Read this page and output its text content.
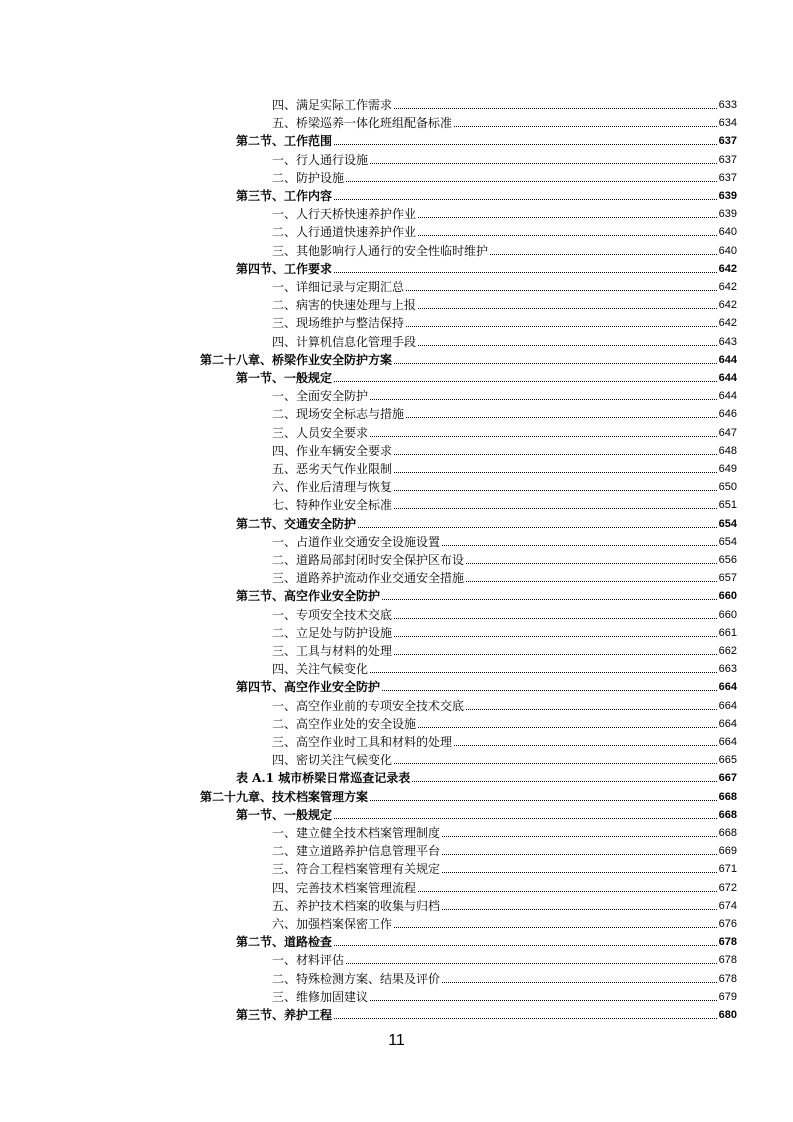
四、满足实际工作需求	633
五、桥梁巡养一体化班组配备标准	634
第二节、工作范围	637
一、行人通行设施	637
二、防护设施	637
第三节、工作内容	639
一、人行天桥快速养护作业	639
二、人行通道快速养护作业	640
三、其他影响行人通行的安全性临时维护	640
第四节、工作要求	642
一、详细记录与定期汇总	642
二、病害的快速处理与上报	642
三、现场维护与整洁保持	642
四、计算机信息化管理手段	643
第二十八章、桥梁作业安全防护方案	644
第一节、一般规定	644
一、全面安全防护	644
二、现场安全标志与措施	646
三、人员安全要求	647
四、作业车辆安全要求	648
五、恶劣天气作业限制	649
六、作业后清理与恢复	650
七、特种作业安全标准	651
第二节、交通安全防护	654
一、占道作业交通安全设施设置	654
二、道路局部封闭时安全保护区布设	656
三、道路养护流动作业交通安全措施	657
第三节、高空作业安全防护	660
一、专项安全技术交底	660
二、立足处与防护设施	661
三、工具与材料的处理	662
四、关注气候变化	663
第四节、高空作业安全防护	664
一、高空作业前的专项安全技术交底	664
二、高空作业处的安全设施	664
三、高空作业时工具和材料的处理	664
四、密切关注气候变化	665
表 A.1 城市桥梁日常巡查记录表	667
第二十九章、技术档案管理方案	668
第一节、一般规定	668
一、建立健全技术档案管理制度	668
二、建立道路养护信息管理平台	669
三、符合工程档案管理有关规定	671
四、完善技术档案管理流程	672
五、养护技术档案的收集与归档	674
六、加强档案保密工作	676
第二节、道路检查	678
一、材料评估	678
二、特殊检测方案、结果及评价	678
三、维修加固建议	679
第三节、养护工程	680
11
